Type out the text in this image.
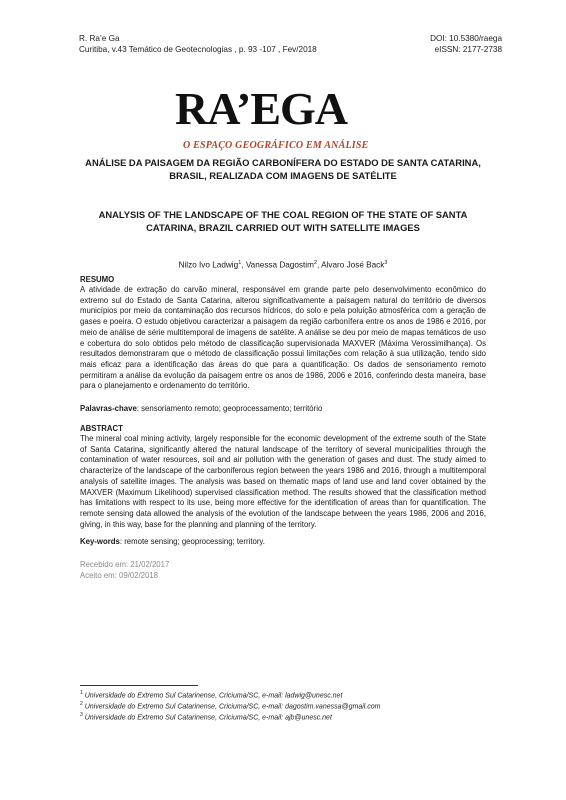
R. Ra’e Ga
Curitiba, v.43 Temático de Geotecnologias , p. 93 -107 , Fev/2018
DOI: 10.5380/raega
eISSN: 2177-2738
RA’EGA
O ESPAÇO GEOGRÁFICO EM ANÁLISE
ANÁLISE DA PAISAGEM DA REGIÃO CARBONÍFERA DO ESTADO DE SANTA CATARINA, BRASIL, REALIZADA COM IMAGENS DE SATÉLITE
ANALYSIS OF THE LANDSCAPE OF THE COAL REGION OF THE STATE OF SANTA CATARINA, BRAZIL CARRIED OUT WITH SATELLITE IMAGES
Nilzo Ivo Ladwig$^1$, Vanessa Dagostim$^2$, Alvaro José Back$^3$
RESUMO
A atividade de extração do carvão mineral, responsável em grande parte pelo desenvolvimento econômico do extremo sul do Estado de Santa Catarina, alterou significativamente a paisagem natural do território de diversos municípios por meio da contaminação dos recursos hídricos, do solo e pela poluição atmosférica com a geração de gases e poeira. O estudo objetivou caracterizar a paisagem da região carbonífera entre os anos de 1986 e 2016, por meio de análise de série multitemporal de imagens de satélite. A análise se deu por meio de mapas temáticos de uso e cobertura do solo obtidos pelo método de classificação supervisionada MAXVER (Máxima Verossimilhança). Os resultados demonstraram que o método de classificação possui limitações com relação à sua utilização, tendo sido mais eficaz para a identificação das áreas do que para a quantificação. Os dados de sensoriamento remoto permitiram a análise da evolução da paisagem entre os anos de 1986, 2006 e 2016, conferindo desta maneira, base para o planejamento e ordenamento do território.
Palavras-chave: sensoriamento remoto; geoprocessamento; território
ABSTRACT
The mineral coal mining activity, largely responsible for the economic development of the extreme south of the State of Santa Catarina, significantly altered the natural landscape of the territory of several municipalities through the contamination of water resources, soil and air pollution with the generation of gases and dust. The study aimed to characterize of the landscape of the carboniferous region between the years 1986 and 2016, through a multitemporal analysis of satellite images. The analysis was based on thematic maps of land use and land cover obtained by the MAXVER (Maximum Likelihood) supervised classification method. The results showed that the classification method has limitations with respect to its use, being more effective for the identification of areas than for quantification. The remote sensing data allowed the analysis of the evolution of the landscape between the years 1986, 2006 and 2016, giving, in this way, base for the planning and planning of the territory.
Key-words: remote sensing; geoprocessing; territory.
Recebido em: 21/02/2017
Aceito em: 09/02/2018
$^1$ Universidade do Extremo Sul Catarinense, Criciuma/SC, e-mail: ladwig@unesc.net
$^2$ Universidade do Extremo Sul Catarinense, Criciuma/SC, e-mail: dagostim.vanessa@gmail.com
$^3$ Universidade do Extremo Sul Catarinense, Criciuma/SC, e-mail: ajb@unesc.net
